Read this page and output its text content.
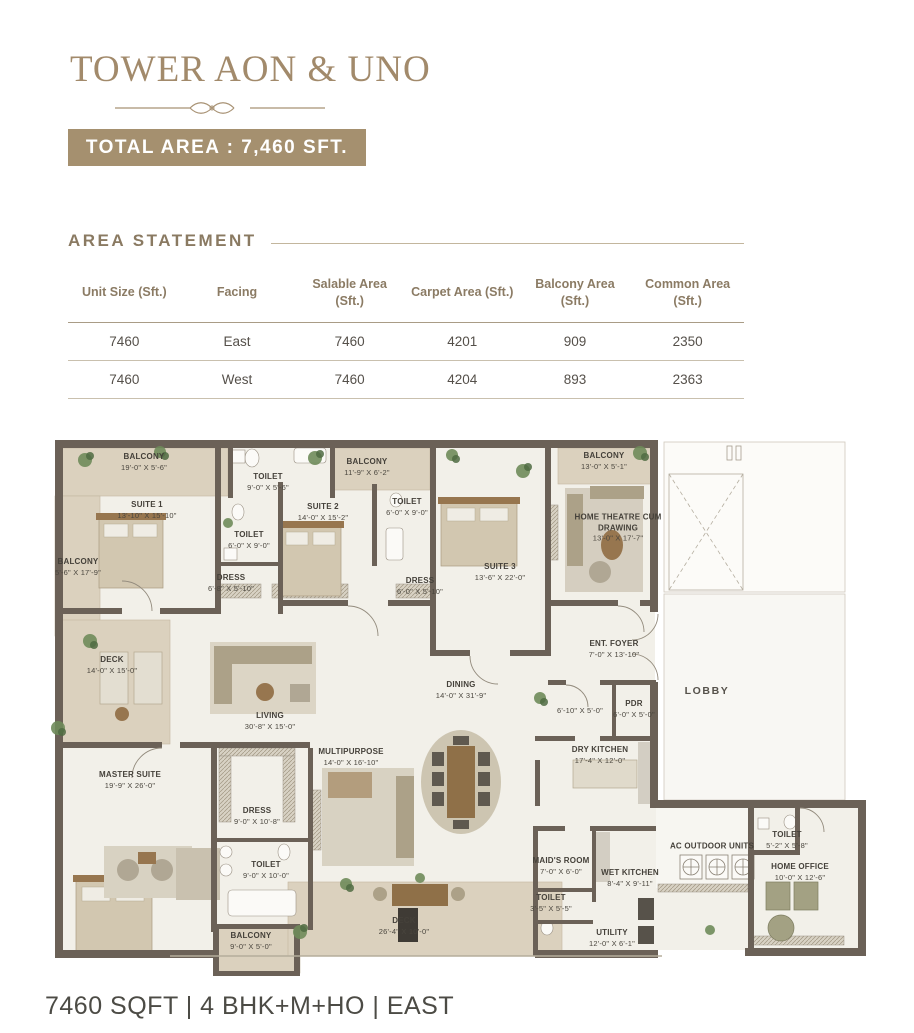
TOWER AON & UNO
TOTAL AREA : 7,460 SFT.
AREA STATEMENT
Unit Size (Sft.)	Facing	Salable Area (Sft.)	Carpet Area (Sft.)	Balcony Area (Sft.)	Common Area (Sft.)
7460	East	7460	4201	909	2350
7460	West	7460	4204	893	2363
BALCONY
19'-0" X 5'-6"
TOILET
9'-0" X 5'-6"
BALCONY
11'-9" X 6'-2"
BALCONY
13'-0" X 5'-1"
BALCONY
5'-6" X 17'-9"
SUITE 1
13'-10" X 15'-10"
TOILET
6'-0" X 9'-0"
DRESS
6'-8" X 5'-10"
SUITE 2
14'-0" X 15'-2"
TOILET
6'-0" X 9'-0"
DRESS
6'-0" X 5'-10"
SUITE 3
13'-6" X 22'-0"
HOME THEATRE CUM DRAWING
13'-0" X 17'-7"
ENT. FOYER
7'-0" X 13'-10"
LOBBY
DINING
14'-0" X 31'-9"
LIVING
30'-8" X 15'-0"
6'-10" X 5'-0"
PDR
6'-0" X 5'-0"
DECK
14'-0" X 15'-0"
MULTIPURPOSE
14'-0" X 16'-10"
DRY KITCHEN
17'-4" X 12'-0"
MASTER SUITE
19'-9" X 26'-0"
DRESS
9'-0" X 10'-8"
TOILET
9'-0" X 10'-0"
BALCONY
9'-0" X 5'-0"
DECK
26'-4" X 10'-0"
MAID'S ROOM
7'-0" X 6'-0"
TOILET
3'-5" X 5'-5"
WET KITCHEN
8'-4" X 9'-11"
UTILITY
12'-0" X 6'-1"
AC OUTDOOR UNITS
TOILET
5'-2" X 5'-8"
HOME OFFICE
10'-0" X 12'-6"
7460 SQFT | 4 BHK+M+HO | EAST
